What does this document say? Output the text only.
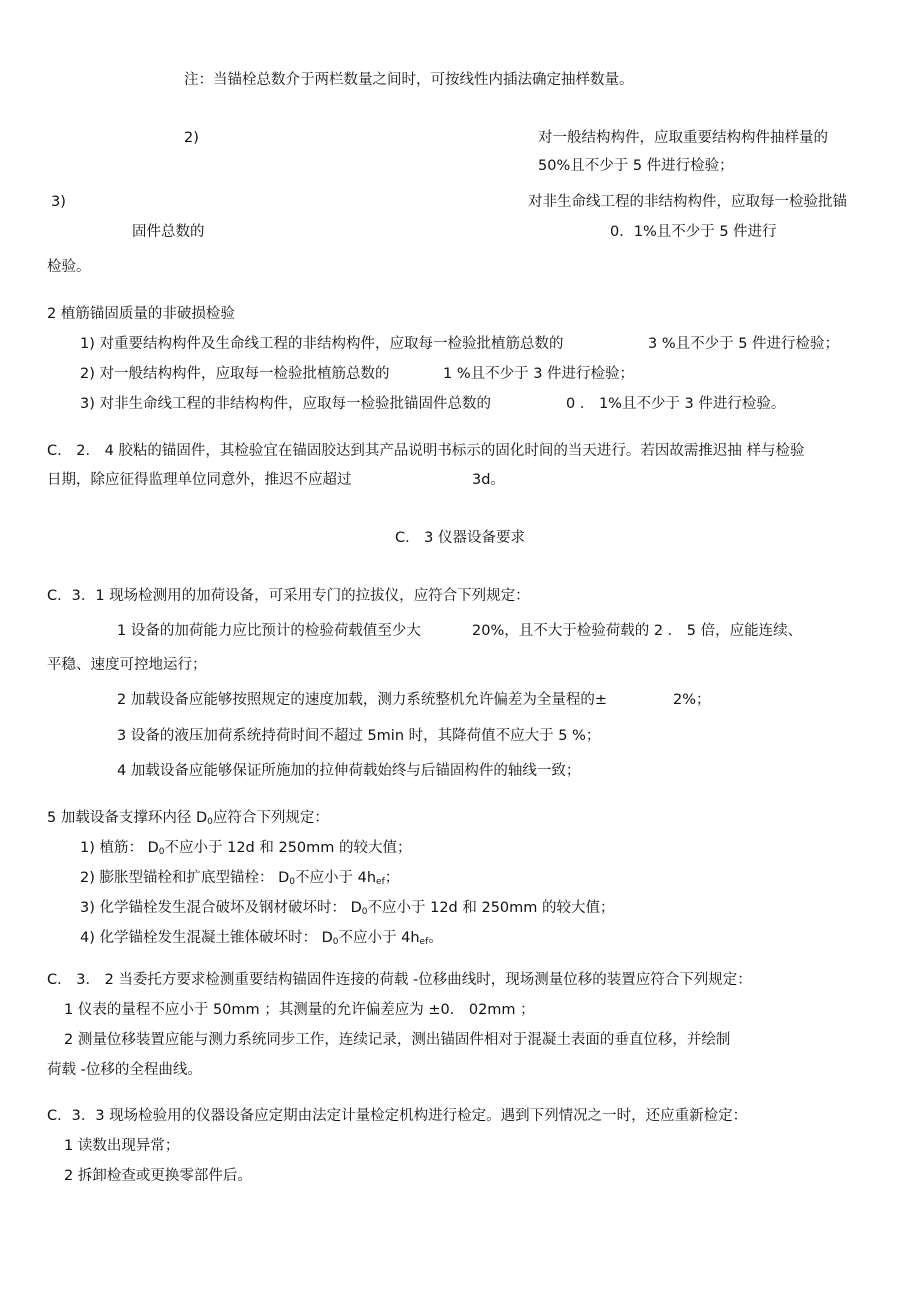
注：当锚栓总数介于两栏数量之间时，可按线性内插法确定抽样数量。
2)	对一般结构构件，应取重要结构构件抽样量的
50%且不少于 5 件进行检验；
3)	对非生命线工程的非结构构件，应取每一检验批锚
固件总数的	0．1%且不少于 5 件进行
检验。
2 植筋锚固质量的非破损检验
1) 对重要结构构件及生命线工程的非结构构件，应取每一检验批植筋总数的	3 %且不少于 5 件进行检验；
2) 对一般结构构件，应取每一检验批植筋总数的	1 %且不少于 3 件进行检验；
3) 对非生命线工程的非结构构件，应取每一检验批锚固件总数的	0 ． 1%且不少于 3 件进行检验。
C． 2． 4 胶粘的锚固件，其检验宜在锚固胶达到其产品说明书标示的固化时间的当天进行。若因故需推迟抽 样与检验
日期，除应征得监理单位同意外，推迟不应超过	3d。
C． 3 仪器设备要求
C．3．1 现场检测用的加荷设备，可采用专门的拉拔仪，应符合下列规定：
1 设备的加荷能力应比预计的检验荷载值至少大	20%，且不大于检验荷载的 2 ． 5 倍，应能连续、
平稳、速度可控地运行；
2 加载设备应能够按照规定的速度加载，测力系统整机允许偏差为全量程的±	2%；
3 设备的液压加荷系统持荷时间不超过 5min 时，其降荷值不应大于 5 %；
4 加载设备应能够保证所施加的拉伸荷载始终与后锚固构件的轴线一致；
5 加载设备支撑环内径 $D_0$应符合下列规定：
1) 植筋： $D_0$不应小于 12d 和 250mm 的较大值；
2) 膨胀型锚栓和扩底型锚栓： $D_0$不应小于 $4h_{ef}$；
3) 化学锚栓发生混合破坏及钢材破坏时： $D_0$不应小于 12d 和 250mm 的较大值；
4) 化学锚栓发生混凝土锥体破坏时： $D_0$不应小于 $4h_{ef}$。
C． 3． 2 当委托方要求检测重要结构锚固件连接的荷载 -位移曲线时，现场测量位移的装置应符合下列规定：
1 仪表的量程不应小于 50mm ；其测量的允许偏差应为 ±0． 02mm ；
2 测量位移装置应能与测力系统同步工作，连续记录，测出锚固件相对于混凝土表面的垂直位移，并绘制
荷载 -位移的全程曲线。
C．3．3 现场检验用的仪器设备应定期由法定计量检定机构进行检定。遇到下列情况之一时，还应重新检定：
1 读数出现异常；
2 拆卸检查或更换零部件后。
